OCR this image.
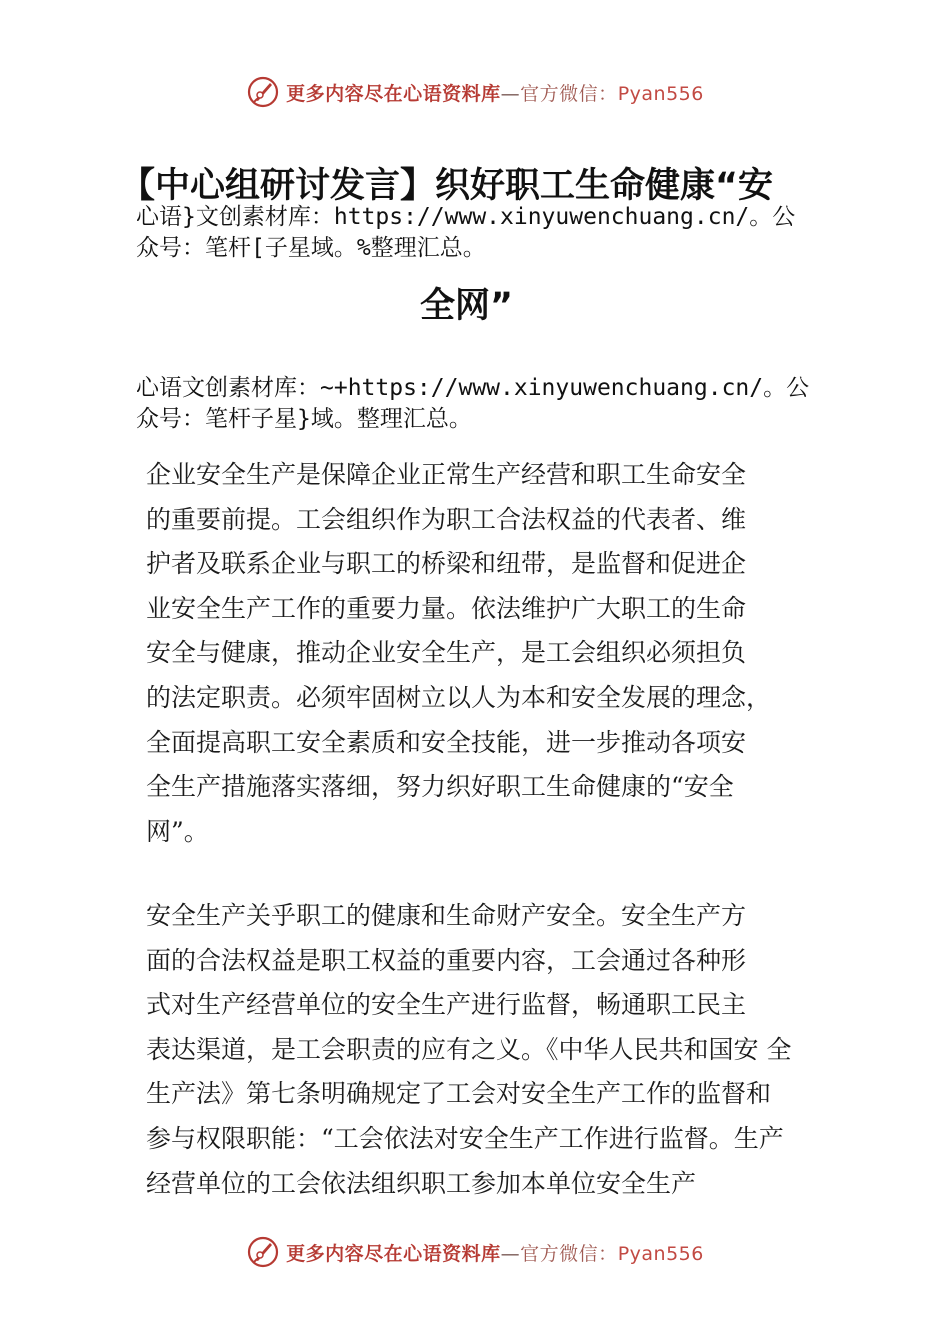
更多内容尽在心语资料库—官方微信：Pyan556
【中心组研讨发言】织好职工生命健康“安
心语}文创素材库：https://www.xinyuwenchuang.cn/。公
众号：笔杆[子星域。%整理汇总。
全网”
心语文创素材库：~+https://www.xinyuwenchuang.cn/。公
众号：笔杆子星}域。整理汇总。
企业安全生产是保障企业正常生产经营和职工生命安全
的重要前提。工会组织作为职工合法权益的代表者、维
护者及联系企业与职工的桥梁和纽带，是监督和促进企
业安全生产工作的重要力量。依法维护广大职工的生命
安全与健康，推动企业安全生产，是工会组织必须担负
的法定职责。必须牢固树立以人为本和安全发展的理念，
全面提高职工安全素质和安全技能，进一步推动各项安
全生产措施落实落细，努力织好职工生命健康的“安全
网”。
安全生产关乎职工的健康和生命财产安全。安全生产方
面的合法权益是职工权益的重要内容，工会通过各种形
式对生产经营单位的安全生产进行监督，畅通职工民主
表达渠道，是工会职责的应有之义。《中华人民共和国安 全
生产法》第七条明确规定了工会对安全生产工作的监督和
参与权限职能：“工会依法对安全生产工作进行监督。生产
经营单位的工会依法组织职工参加本单位安全生产
更多内容尽在心语资料库—官方微信：Pyan556
